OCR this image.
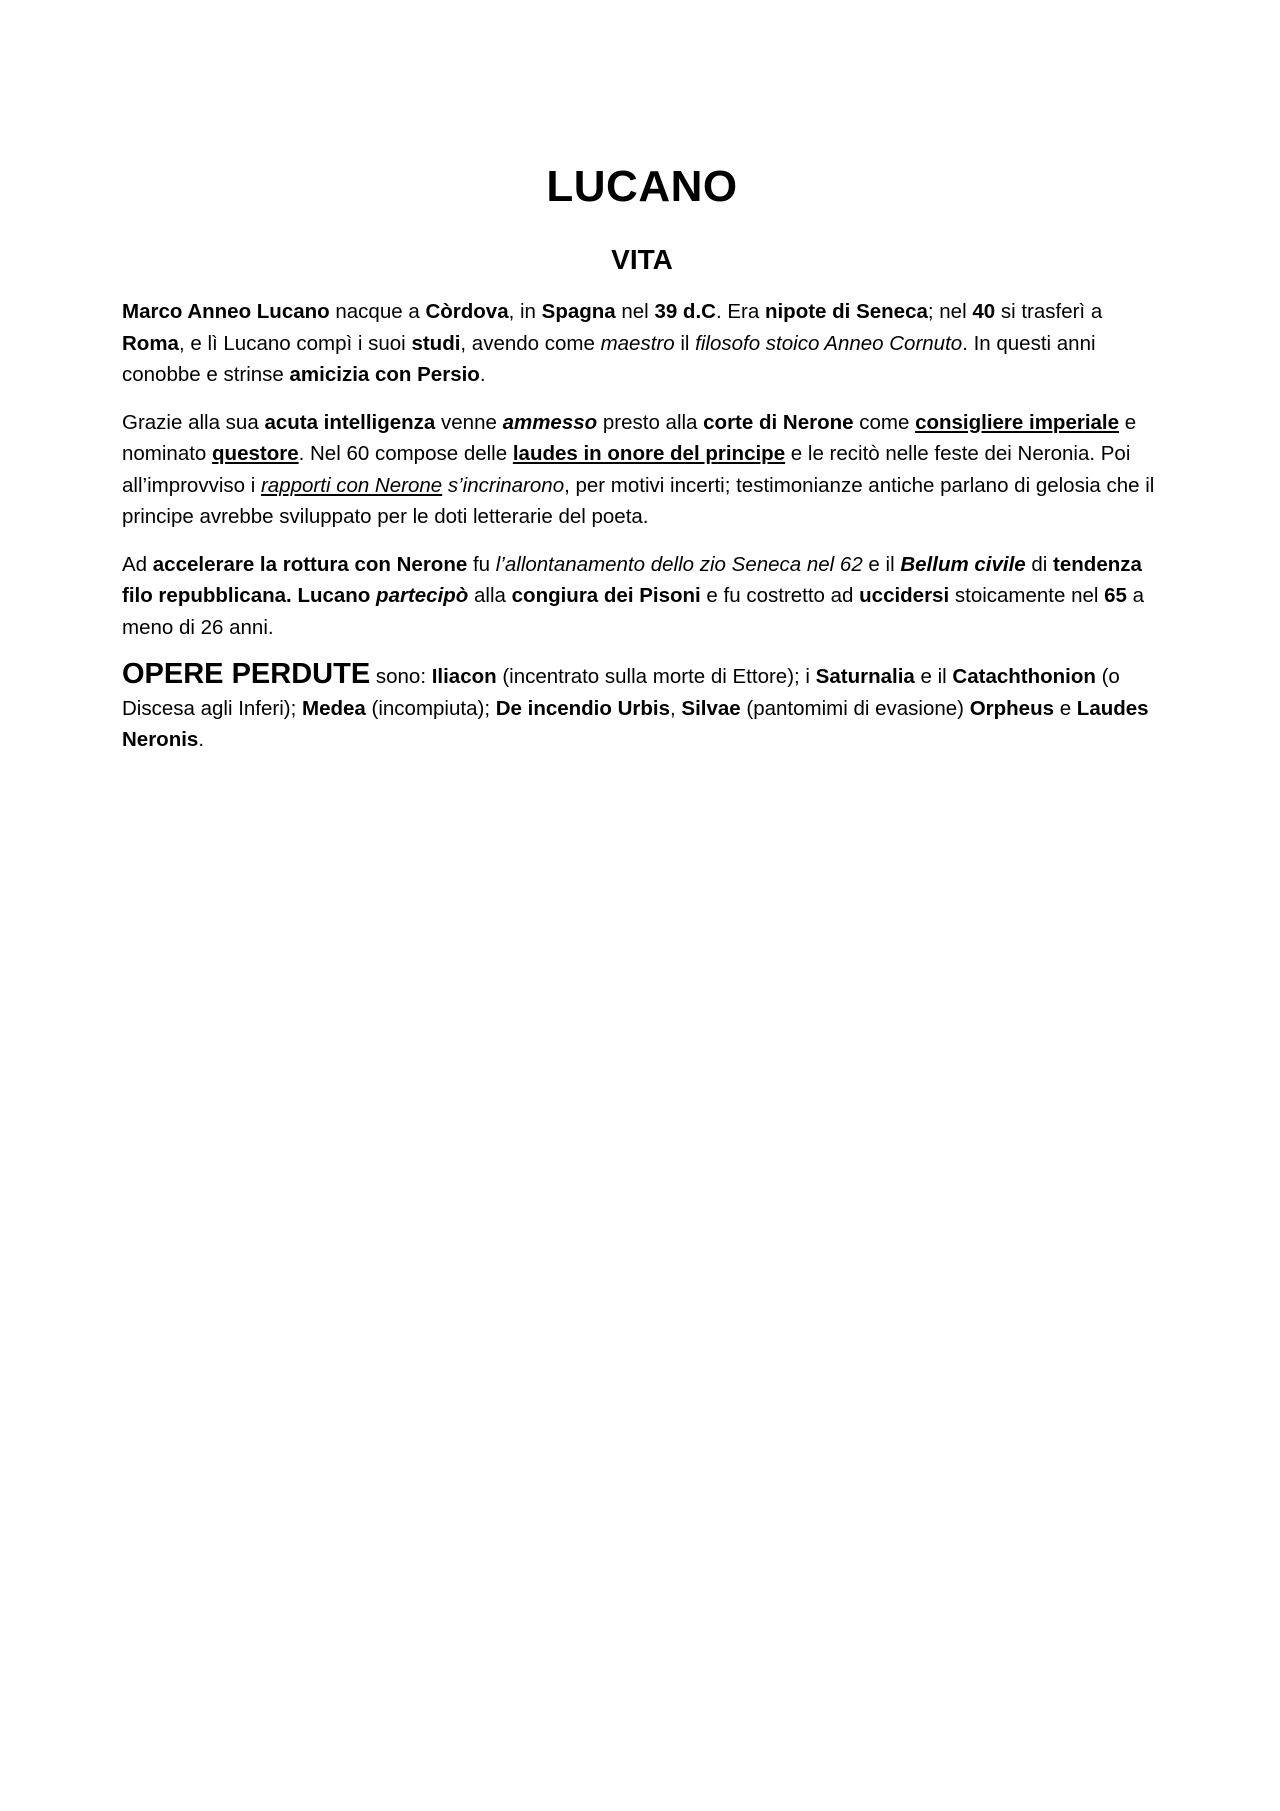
LUCANO
VITA

Marco Anneo Lucano nacque a Còrdova, in Spagna nel 39 d.C. Era nipote di Seneca; nel 40 si trasferì a Roma, e lì Lucano compì i suoi studi, avendo come maestro il filosofo stoico Anneo Cornuto. In questi anni conobbe e strinse amicizia con Persio.

Grazie alla sua acuta intelligenza venne ammesso presto alla corte di Nerone come consigliere imperiale e nominato questore. Nel 60 compose delle laudes in onore del principe e le recitò nelle feste dei Neronia. Poi all’improvviso i rapporti con Nerone s’incrinarono, per motivi incerti; testimonianze antiche parlano di gelosia che il principe avrebbe sviluppato per le doti letterarie del poeta.

Ad accelerare la rottura con Nerone fu l’allontanamento dello zio Seneca nel 62 e il Bellum civile di tendenza filo repubblicana. Lucano partecipò alla congiura dei Pisoni e fu costretto ad uccidersi stoicamente nel 65 a meno di 26 anni.

OPERE PERDUTE sono: Iliacon (incentrato sulla morte di Ettore); i Saturnalia e il Catachthonion (o Discesa agli Inferi); Medea (incompiuta); De incendio Urbis, Silvae (pantomimi di evasione) Orpheus e Laudes Neronis.
